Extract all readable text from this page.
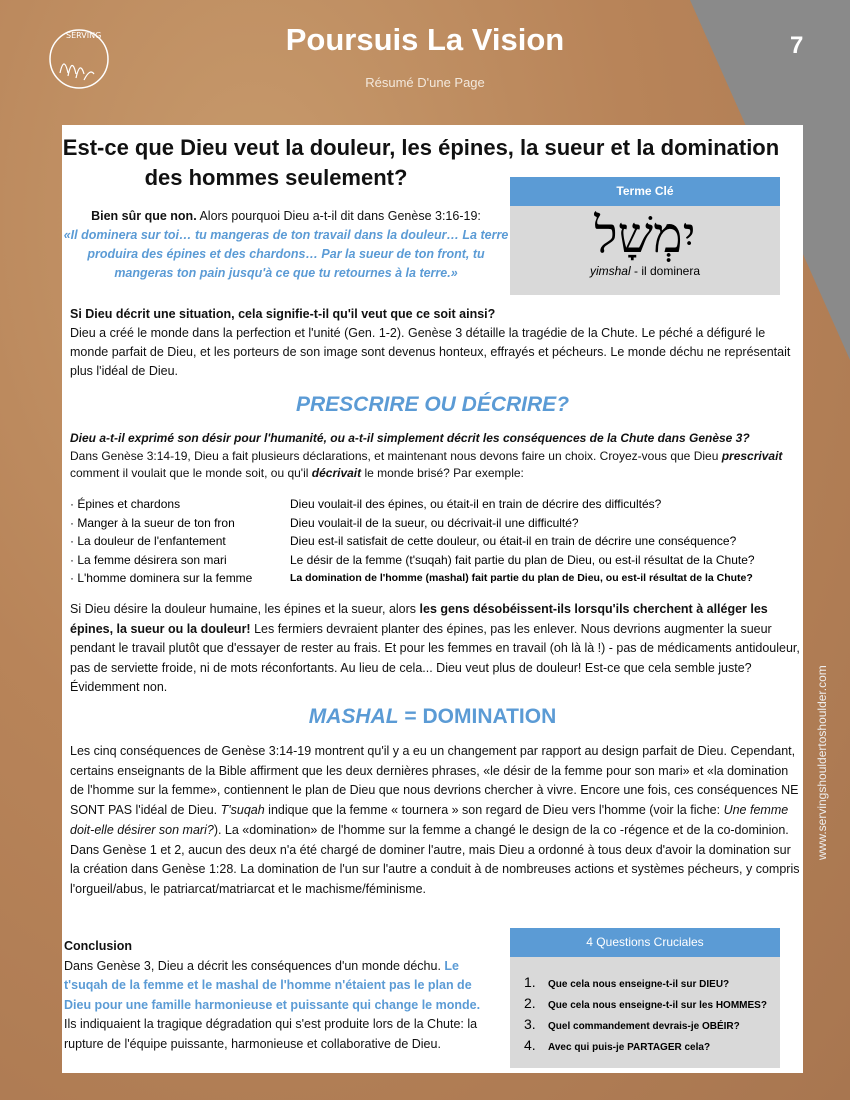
SERVING	Poursuis La Vision
Résumé D'une Page
7
www.servingshouldertoshoulder.com
Est-ce que Dieu veut la douleur, les épines, la sueur et la domination des hommes seulement?
Terme Clé
יִמְשָׁל
yimshal - il dominera
Bien sûr que non. Alors pourquoi Dieu a-t-il dit dans Genèse 3:16-19:
«Il dominera sur toi… tu mangeras de ton travail dans la douleur… La terre produira des épines et des chardons… Par la sueur de ton front, tu mangeras ton pain jusqu'à ce que tu retournes à la terre.»
Si Dieu décrit une situation, cela signifie-t-il qu'il veut que ce soit ainsi?
Dieu a créé le monde dans la perfection et l'unité (Gen. 1-2). Genèse 3 détaille la tragédie de la Chute. Le péché a défiguré le monde parfait de Dieu, et les porteurs de son image sont devenus honteux, effrayés et pécheurs. Le monde déchu ne représentait plus l'idéal de Dieu.
PRESCRIRE OU DÉCRIRE?
Dieu a-t-il exprimé son désir pour l'humanité, ou a-t-il simplement décrit les conséquences de la Chute dans Genèse 3?
Dans Genèse 3:14-19, Dieu a fait plusieurs déclarations, et maintenant nous devons faire un choix. Croyez-vous que Dieu prescrivait comment il voulait que le monde soit, ou qu'il décrivait le monde brisé? Par exemple:
· Épines et chardons	Dieu voulait-il des épines, ou était-il en train de décrire des difficultés?
· Manger à la sueur de ton fron	Dieu voulait-il de la sueur, ou décrivait-il une difficulté?
· La douleur de l'enfantement	Dieu est-il satisfait de cette douleur, ou était-il en train de décrire une conséquence?
· La femme désirera son mari	Le désir de la femme (t'suqah) fait partie du plan de Dieu, ou est-il résultat de la Chute?
· L'homme dominera sur la femme	La domination de l'homme (mashal) fait partie du plan de Dieu, ou est-il résultat de la Chute?
Si Dieu désire la douleur humaine, les épines et la sueur, alors les gens désobéissent-ils lorsqu'ils cherchent à alléger les épines, la sueur ou la douleur! Les fermiers devraient planter des épines, pas les enlever. Nous devrions augmenter la sueur pendant le travail plutôt que d'essayer de rester au frais. Et pour les femmes en travail (oh là là !) - pas de médicaments antidouleur, pas de serviette froide, ni de mots réconfortants. Au lieu de cela... Dieu veut plus de douleur! Est-ce que cela semble juste? Évidemment non.
MASHAL = DOMINATION
Les cinq conséquences de Genèse 3:14-19 montrent qu'il y a eu un changement par rapport au design parfait de Dieu. Cependant, certains enseignants de la Bible affirment que les deux dernières phrases, «le désir de la femme pour son mari» et «la domination de l'homme sur la femme», contiennent le plan de Dieu que nous devrions chercher à vivre. Encore une fois, ces conséquences NE SONT PAS l'idéal de Dieu. T'suqah indique que la femme « tournera » son regard de Dieu vers l'homme (voir la fiche: Une femme doit-elle désirer son mari?). La «domination» de l'homme sur la femme a changé le design de la co -régence et de la co-dominion. Dans Genèse 1 et 2, aucun des deux n'a été chargé de dominer l'autre, mais Dieu a ordonné à tous deux d'avoir la domination sur la création dans Genèse 1:28. La domination de l'un sur l'autre a conduit à de nombreuses actions et systèmes pécheurs, y compris l'orgueil/abus, le patriarcat/matriarcat et le machisme/féminisme.
Conclusion
Dans Genèse 3, Dieu a décrit les conséquences d'un monde déchu. Le t'suqah de la femme et le mashal de l'homme n'étaient pas le plan de Dieu pour une famille harmonieuse et puissante qui change le monde. Ils indiquaient la tragique dégradation qui s'est produite lors de la Chute: la rupture de l'équipe puissante, harmonieuse et collaborative de Dieu.
4 Questions Cruciales
1. Que cela nous enseigne-t-il sur DIEU?
2. Que cela nous enseigne-t-il sur les HOMMES?
3. Quel commandement devrais-je OBÉIR?
4. Avec qui puis-je PARTAGER cela?
